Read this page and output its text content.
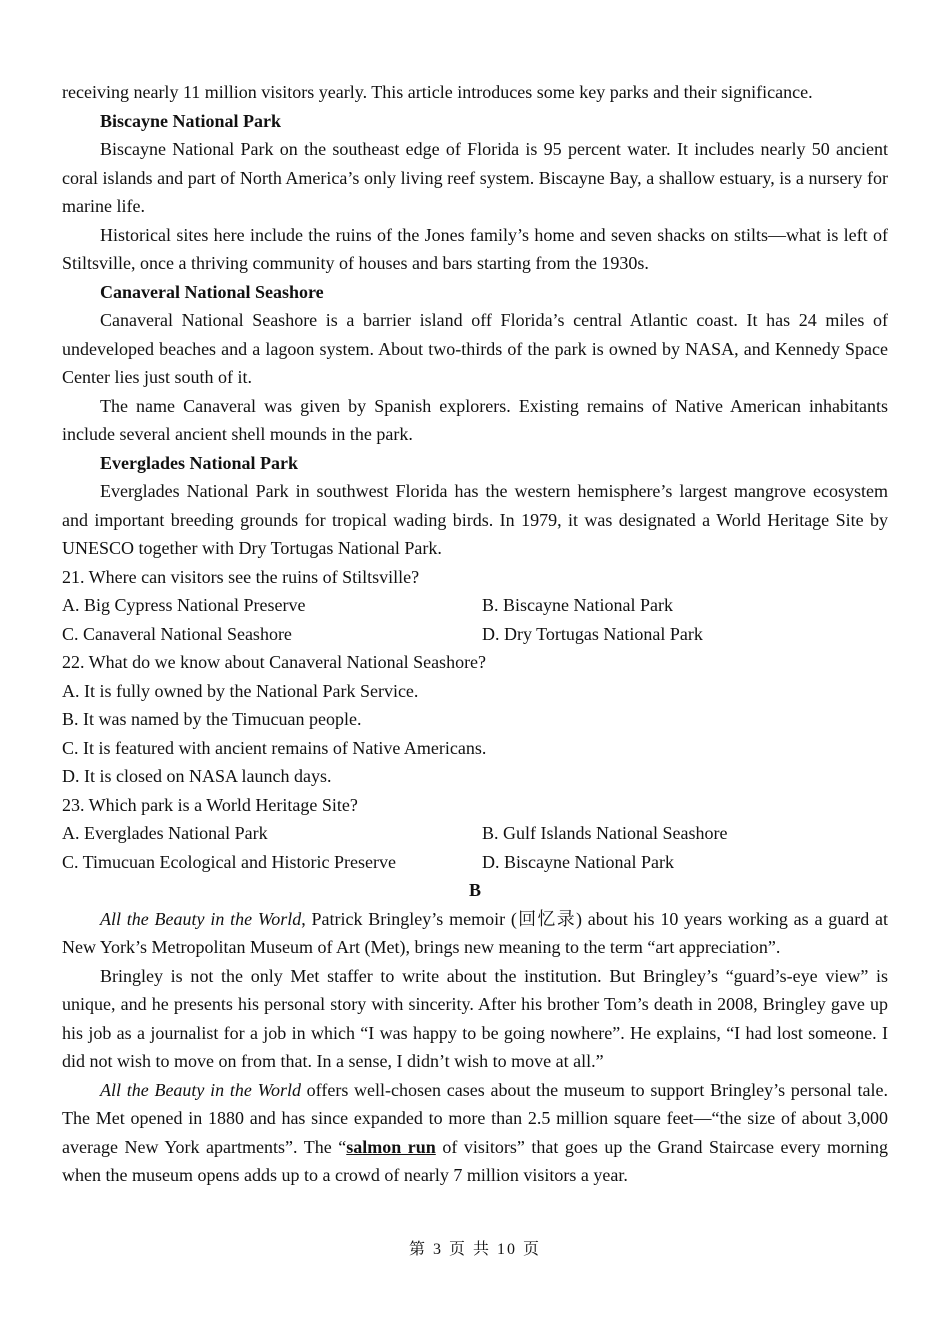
receiving nearly 11 million visitors yearly. This article introduces some key parks and their significance.

Biscayne National Park

Biscayne National Park on the southeast edge of Florida is 95 percent water. It includes nearly 50 ancient coral islands and part of North America’s only living reef system. Biscayne Bay, a shallow estuary, is a nursery for marine life.

Historical sites here include the ruins of the Jones family’s home and seven shacks on stilts—what is left of Stiltsville, once a thriving community of houses and bars starting from the 1930s.

Canaveral National Seashore

Canaveral National Seashore is a barrier island off Florida’s central Atlantic coast. It has 24 miles of undeveloped beaches and a lagoon system. About two-thirds of the park is owned by NASA, and Kennedy Space Center lies just south of it.

The name Canaveral was given by Spanish explorers. Existing remains of Native American inhabitants include several ancient shell mounds in the park.

Everglades National Park

Everglades National Park in southwest Florida has the western hemisphere’s largest mangrove ecosystem and important breeding grounds for tropical wading birds. In 1979, it was designated a World Heritage Site by UNESCO together with Dry Tortugas National Park.

21. Where can visitors see the ruins of Stiltsville?

A. Big Cypress National Preserve	B. Biscayne National Park
C. Canaveral National Seashore	D. Dry Tortugas National Park

22. What do we know about Canaveral National Seashore?

A. It is fully owned by the National Park Service.

B. It was named by the Timucuan people.

C. It is featured with ancient remains of Native Americans.

D. It is closed on NASA launch days.

23. Which park is a World Heritage Site?

A. Everglades National Park	B. Gulf Islands National Seashore
C. Timucuan Ecological and Historic Preserve	D. Biscayne National Park

B

All the Beauty in the World, Patrick Bringley’s memoir (回忆录) about his 10 years working as a guard at New York’s Metropolitan Museum of Art (Met), brings new meaning to the term “art appreciation”.

Bringley is not the only Met staffer to write about the institution. But Bringley’s “guard’s-eye view” is unique, and he presents his personal story with sincerity. After his brother Tom’s death in 2008, Bringley gave up his job as a journalist for a job in which “I was happy to be going nowhere”. He explains, “I had lost someone. I did not wish to move on from that. In a sense, I didn’t wish to move at all.”

All the Beauty in the World offers well-chosen cases about the museum to support Bringley’s personal tale. The Met opened in 1880 and has since expanded to more than 2.5 million square feet—“the size of about 3,000 average New York apartments”. The “salmon run of visitors” that goes up the Grand Staircase every morning when the museum opens adds up to a crowd of nearly 7 million visitors a year.

第 3 页 共 10 页
